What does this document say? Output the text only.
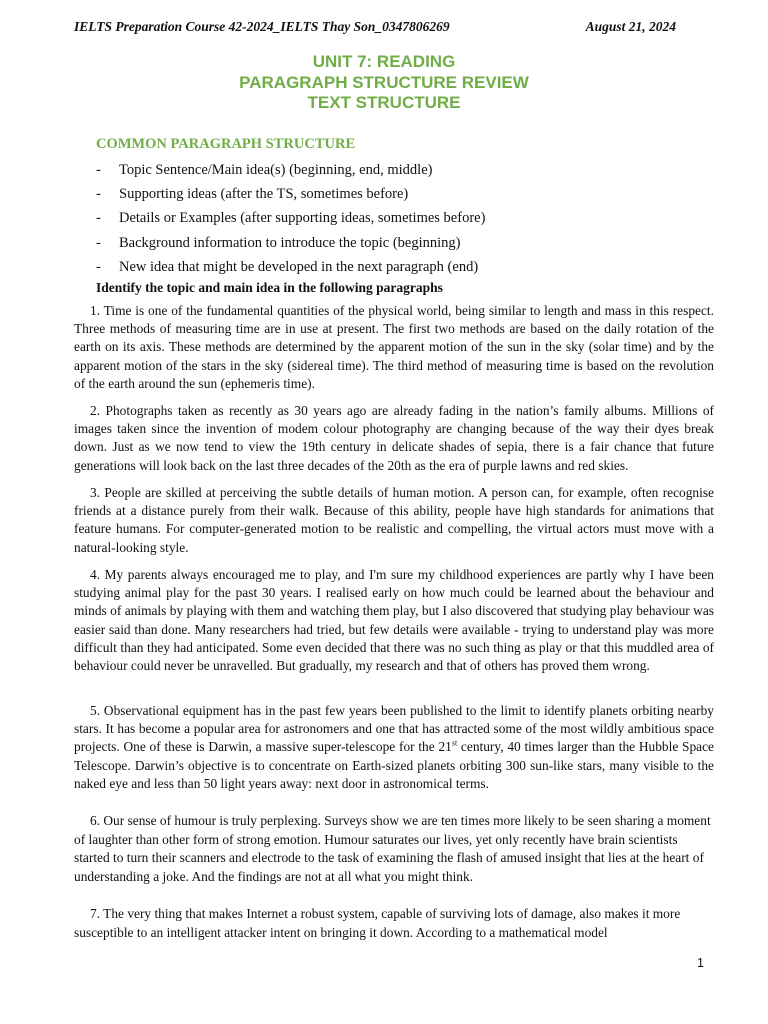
IELTS Preparation Course 42-2024_IELTS Thay Son_0347806269	August 21, 2024
UNIT 7: READING
PARAGRAPH STRUCTURE REVIEW
TEXT STRUCTURE
COMMON PARAGRAPH STRUCTURE
-	Topic Sentence/Main idea(s) (beginning, end, middle)
-	Supporting ideas (after the TS, sometimes before)
-	Details or Examples (after supporting ideas, sometimes before)
-	Background information to introduce the topic (beginning)
-	New idea that might be developed in the next paragraph (end)
Identify the topic and main idea in the following paragraphs

1. Time is one of the fundamental quantities of the physical world, being similar to length and mass in this respect. Three methods of measuring time are in use at present. The first two methods are based on the daily rotation of the earth on its axis. These methods are determined by the apparent motion of the sun in the sky (solar time) and by the apparent motion of the stars in the sky (sidereal time). The third method of measuring time is based on the revolution of the earth around the sun (ephemeris time).

2. Photographs taken as recently as 30 years ago are already fading in the nation’s family albums. Millions of images taken since the invention of modem colour photography are changing because of the way their dyes break down. Just as we now tend to view the 19th century in delicate shades of sepia, there is a fair chance that future generations will look back on the last three decades of the 20th as the era of purple lawns and red skies.

3. People are skilled at perceiving the subtle details of human motion. A person can, for example, often recognise friends at a distance purely from their walk. Because of this ability, people have high standards for animations that feature humans. For computer-generated motion to be realistic and compelling, the virtual actors must move with a natural-looking style.

4. My parents always encouraged me to play, and I'm sure my childhood experiences are partly why I have been studying animal play for the past 30 years. I realised early on how much could be learned about the behaviour and minds of animals by playing with them and watching them play, but I also discovered that studying play behaviour was easier said than done. Many researchers had tried, but few details were available - trying to understand play was more difficult than they had anticipated. Some even decided that there was no such thing as play or that this muddled area of behaviour could never be unravelled. But gradually, my research and that of others has proved them wrong.

5. Observational equipment has in the past few years been published to the limit to identify planets orbiting nearby stars. It has become a popular area for astronomers and one that has attracted some of the most wildly ambitious space projects. One of these is Darwin, a massive super-telescope for the 21st century, 40 times larger than the Hubble Space Telescope. Darwin’s objective is to concentrate on Earth-sized planets orbiting 300 sun-like stars, many visible to the naked eye and less than 50 light years away: next door in astronomical terms.

6. Our sense of humour is truly perplexing. Surveys show we are ten times more likely to be seen sharing a moment of laughter than other form of strong emotion. Humour saturates our lives, yet only recently have brain scientists started to turn their scanners and electrode to the task of examining the flash of amused insight that lies at the heart of understanding a joke. And the findings are not at all what you might think.

7. The very thing that makes Internet a robust system, capable of surviving lots of damage, also makes it more susceptible to an intelligent attacker intent on bringing it down. According to a mathematical model

1
